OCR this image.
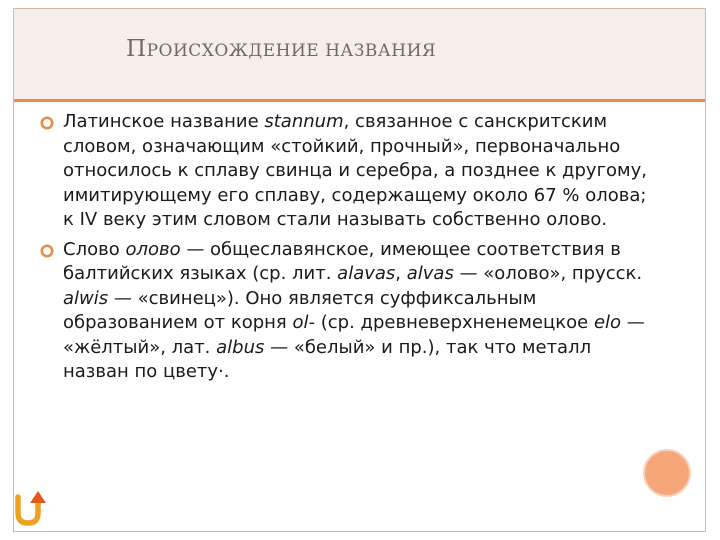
ПРОИСХОЖДЕНИЕ НАЗВАНИЯ

Латинское название stannum, связанное с санскритским словом, означающим «стойкий, прочный», первоначально относилось к сплаву свинца и серебра, а позднее к другому, имитирующему его сплаву, содержащему около 67 % олова; к IV веку этим словом стали называть собственно олово.

Слово олово — общеславянское, имеющее соответствия в балтийских языках (ср. лит. alavas, alvas — «олово», прусск. alwis — «свинец»). Оно является суффиксальным образованием от корня ol- (ср. древневерхненемецкое elo — «жёлтый», лат. albus — «белый» и пр.), так что металл назван по цвету·.
